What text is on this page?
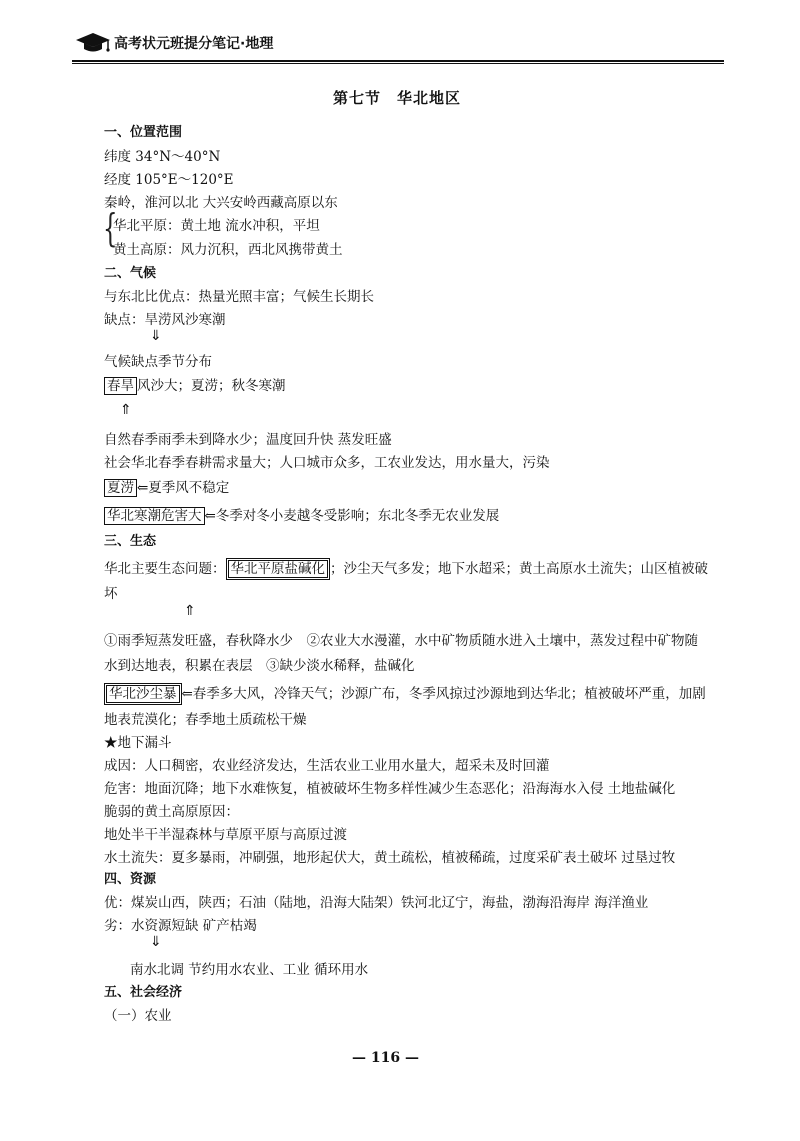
高考状元班提分笔记·地理
第七节　华北地区
一、位置范围
纬度 34°N～40°N
经度 105°E～120°E
秦岭，淮河以北 大兴安岭西藏高原以东
{
华北平原：黄土地 流水冲积，平坦
黄土高原：风力沉积，西北风携带黄土
二、气候
与东北比优点：热量光照丰富；气候生长期长
缺点：旱涝风沙寒潮
⇓
气候缺点季节分布
春旱 风沙大；夏涝；秋冬寒潮
⇑
自然春季雨季未到降水少；温度回升快 蒸发旺盛
社会华北春季春耕需求量大；人口城市众多，工农业发达，用水量大，污染
夏涝 ⇐夏季风不稳定
华北寒潮危害大 ⇐冬季对冬小麦越冬受影响；东北冬季无农业发展
三、生态
华北主要生态问题： 华北平原盐碱化 ；沙尘天气多发；地下水超采；黄土高原水土流失；山区植被破
坏
⇑
①雨季短蒸发旺盛，春秋降水少　②农业大水漫灌，水中矿物质随水进入土壤中，蒸发过程中矿物随
水到达地表，积累在表层　③缺少淡水稀释，盐碱化
华北沙尘暴 ⇐春季多大风，冷锋天气；沙源广布，冬季风掠过沙源地到达华北；植被破坏严重，加剧
地表荒漠化；春季地土质疏松干燥
★地下漏斗
成因：人口稠密，农业经济发达，生活农业工业用水量大，超采未及时回灌
危害：地面沉降；地下水难恢复，植被破坏生物多样性减少生态恶化；沿海海水入侵 土地盐碱化
脆弱的黄土高原原因：
地处半干半湿森林与草原平原与高原过渡
水土流失：夏多暴雨，冲刷强，地形起伏大，黄土疏松，植被稀疏，过度采矿表土破坏 过垦过牧
四、资源
优：煤炭山西，陕西；石油（陆地，沿海大陆架）铁河北辽宁，海盐，渤海沿海岸 海洋渔业
劣：水资源短缺 矿产枯竭
⇓
南水北调 节约用水农业、工业 循环用水
五、社会经济
（一）农业
— 116 —
